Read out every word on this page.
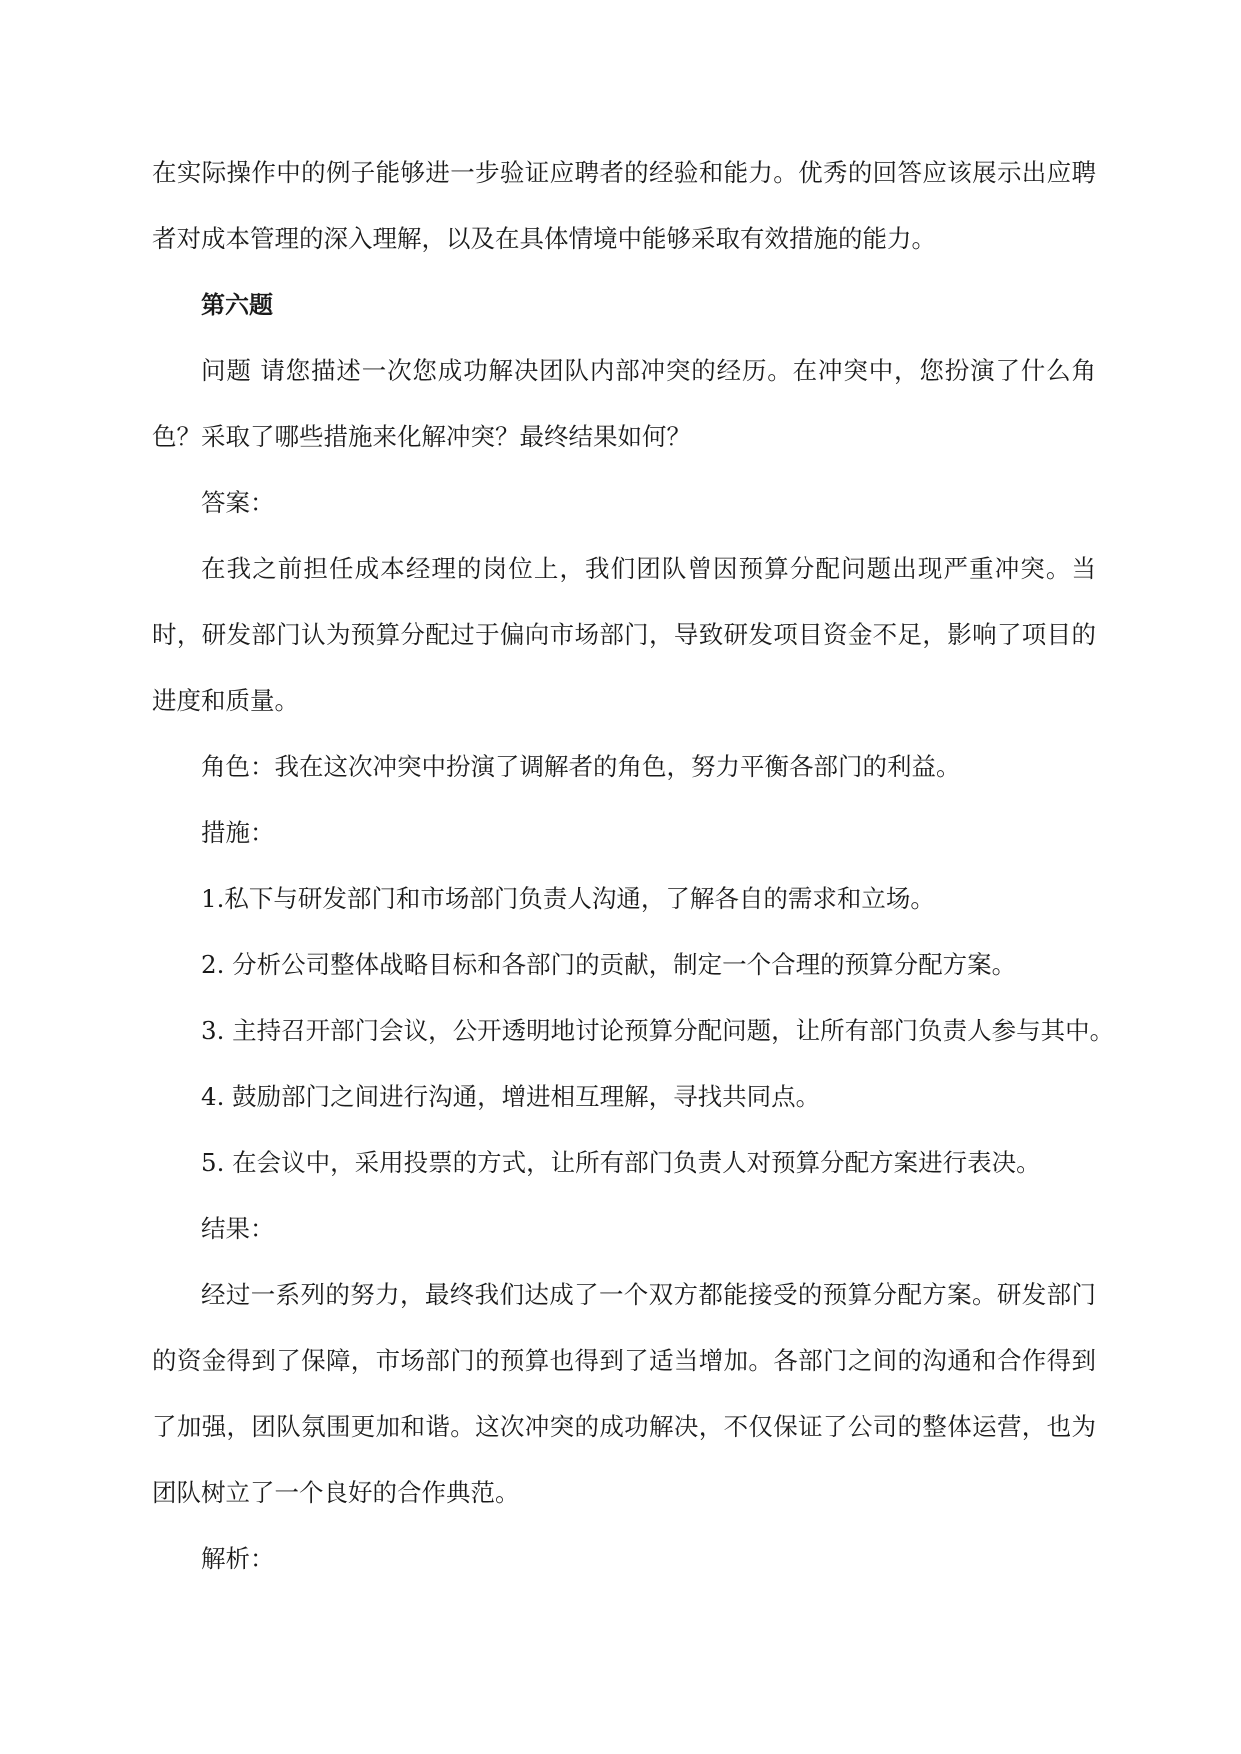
在实际操作中的例子能够进一步验证应聘者的经验和能力。优秀的回答应该展示出应聘者对成本管理的深入理解，以及在具体情境中能够采取有效措施的能力。

第六题

问题 请您描述一次您成功解决团队内部冲突的经历。在冲突中，您扮演了什么角色？采取了哪些措施来化解冲突？最终结果如何？

答案：

在我之前担任成本经理的岗位上，我们团队曾因预算分配问题出现严重冲突。当时，研发部门认为预算分配过于偏向市场部门，导致研发项目资金不足，影响了项目的进度和质量。

角色：我在这次冲突中扮演了调解者的角色，努力平衡各部门的利益。

措施：

1.私下与研发部门和市场部门负责人沟通，了解各自的需求和立场。

2. 分析公司整体战略目标和各部门的贡献，制定一个合理的预算分配方案。

3. 主持召开部门会议，公开透明地讨论预算分配问题，让所有部门负责人参与其中。

4. 鼓励部门之间进行沟通，增进相互理解，寻找共同点。

5. 在会议中，采用投票的方式，让所有部门负责人对预算分配方案进行表决。

结果：

经过一系列的努力，最终我们达成了一个双方都能接受的预算分配方案。研发部门的资金得到了保障，市场部门的预算也得到了适当增加。各部门之间的沟通和合作得到了加强，团队氛围更加和谐。这次冲突的成功解决，不仅保证了公司的整体运营，也为团队树立了一个良好的合作典范。

解析：
